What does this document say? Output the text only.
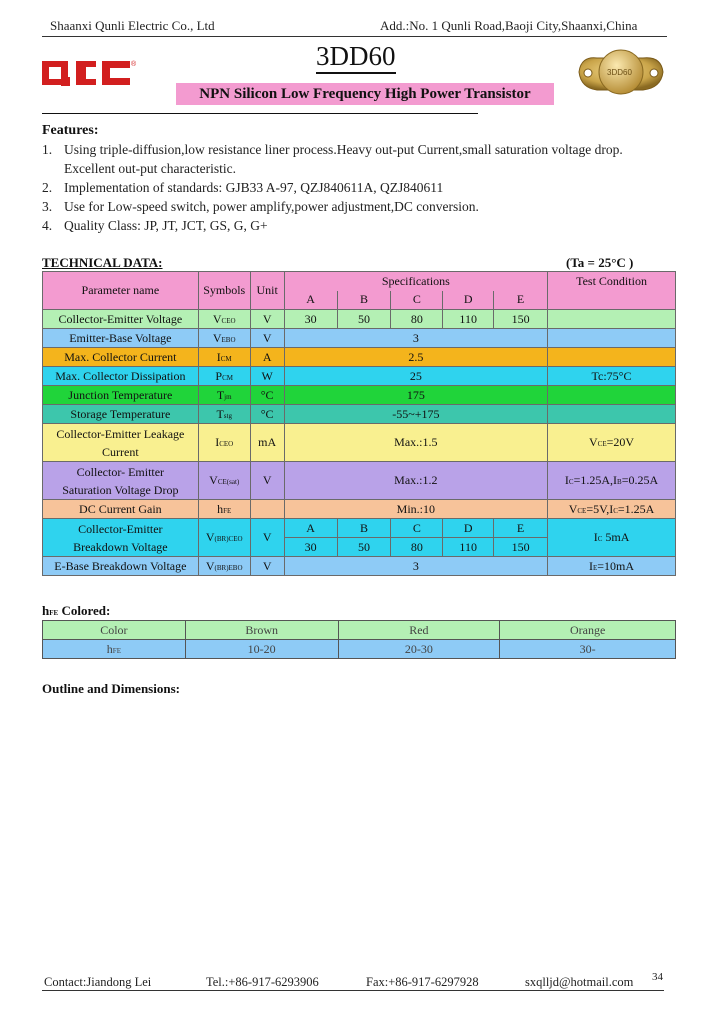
Shaanxi Qunli Electric Co., Ltd	Add.:No. 1 Qunli Road,Baoji City,Shaanxi,China
®	3DD60
NPN Silicon Low Frequency High Power Transistor
3DD60
Features:
1. Using triple-diffusion,low resistance liner process.Heavy out-put Current,small saturation voltage drop.
Excellent out-put characteristic.
2. Implementation of standards: GJB33 A-97, QZJ840611A, QZJ840611
3. Use for Low-speed switch, power amplify,power adjustment,DC conversion.
4. Quality Class: JP, JT, JCT, GS, G, G+
TECHNICAL DATA:	(Ta = 25°C )
Parameter name	Symbols	Unit	Specifications					Test Condition
			A	B	C	D	E	
Collector-Emitter Voltage	VCEO	V	30	50	80	110	150	
Emitter-Base Voltage	VEBO	V	3					
Max. Collector Current	ICM	A	2.5					
Max. Collector Dissipation	PCM	W	25					Tc:75°C
Junction Temperature	Tjm	°C	175					
Storage Temperature	Tstg	°C	-55~+175					
Collector-Emitter Leakage
Current	ICEO	mA	Max.:1.5					VCE=20V
Collector- Emitter
Saturation Voltage Drop	VCE(sat)	V	Max.:1.2					IC=1.25A,IB=0.25A
DC Current Gain	hFE		Min.:10					VCE=5V,IC=1.25A
Collector-Emitter
Breakdown Voltage	V(BR)CEO	V	A	B	C	D	E	IC 5mA
			30	50	80	110	150	
E-Base Breakdown Voltage	V(BR)EBO	V	3					IE=10mA
hFE Colored:
Color	Brown	Red	Orange
hFE	10-20	20-30	30-
Outline and Dimensions:
Contact:Jiandong Lei	Tel.:+86-917-6293906	Fax:+86-917-6297928	sxqlljd@hotmail.com 34
